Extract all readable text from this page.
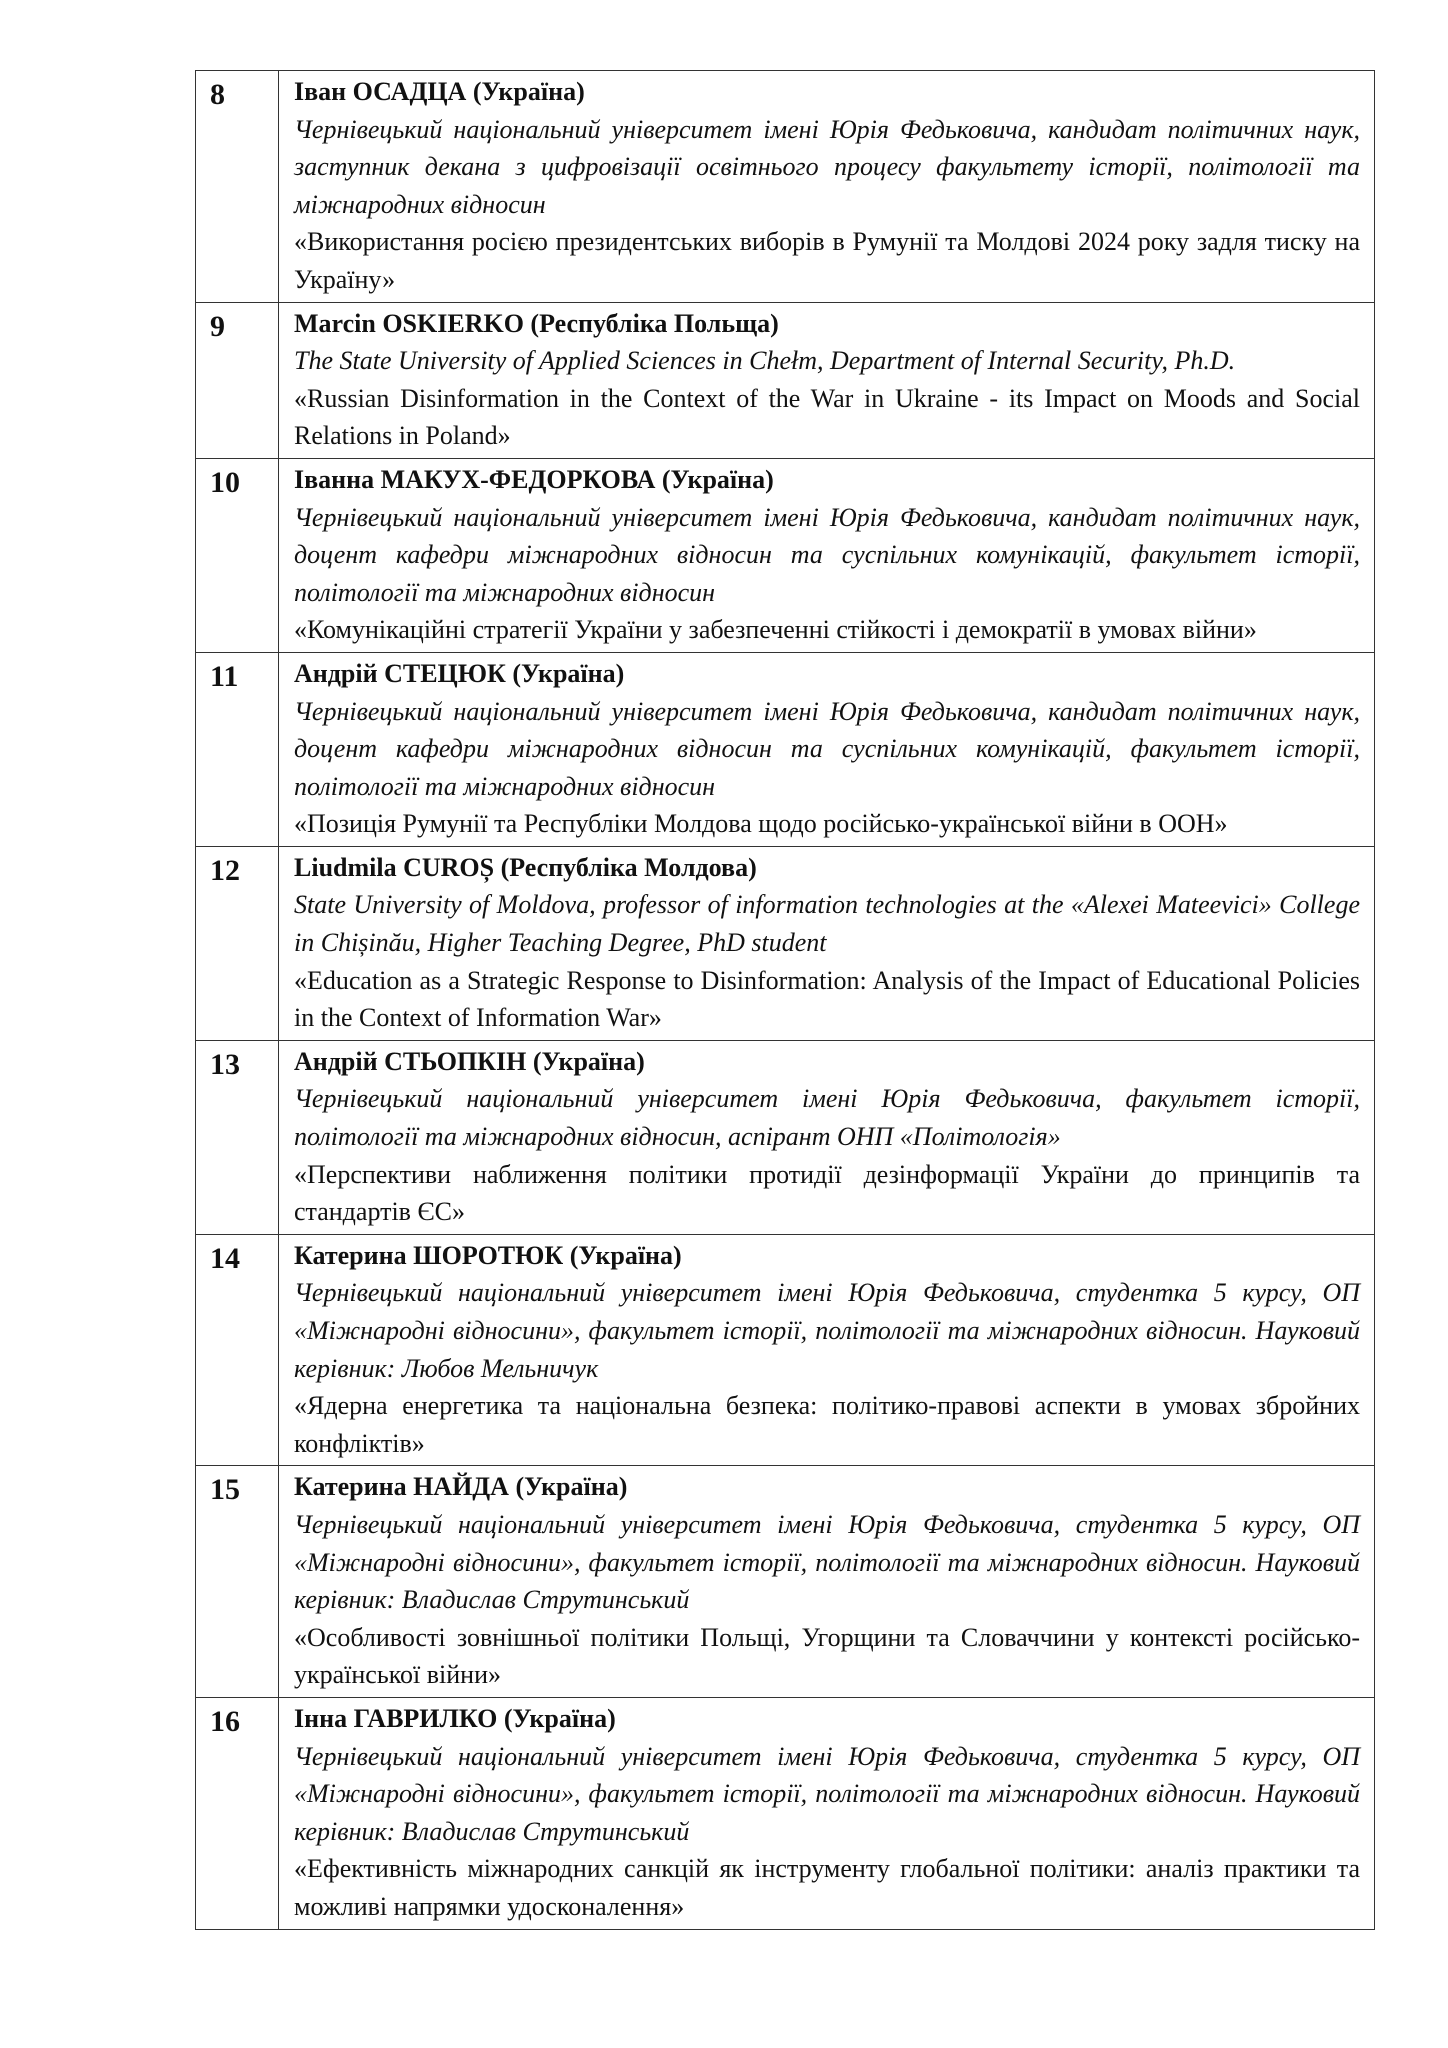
8	Іван ОСАДЦА (Україна)
Чернівецький національний університет імені Юрія Федьковича, кандидат політичних наук, заступник декана з цифровізації освітнього процесу факультету історії, політології та міжнародних відносин
«Використання росією президентських виборів в Румунії та Молдові 2024 року задля тиску на Україну»

9	Marcin OSKIERKO (Республіка Польща)
The State University of Applied Sciences in Chełm, Department of Internal Security, Ph.D.
«Russian Disinformation in the Context of the War in Ukraine - its Impact on Moods and Social Relations in Poland»

10	Іванна МАКУХ-ФЕДОРКОВА (Україна)
Чернівецький національний університет імені Юрія Федьковича, кандидат політичних наук, доцент кафедри міжнародних відносин та суспільних комунікацій, факультет історії, політології та міжнародних відносин
«Комунікаційні стратегії України у забезпеченні стійкості і демократії в умовах війни»

11	Андрій СТЕЦЮК (Україна)
Чернівецький національний університет імені Юрія Федьковича, кандидат політичних наук, доцент кафедри міжнародних відносин та суспільних комунікацій, факультет історії, політології та міжнародних відносин
«Позиція Румунії та Республіки Молдова щодо російсько-української війни в ООН»

12	Liudmila CUROȘ (Республіка Молдова)
State University of Moldova, professor of information technologies at the «Alexei Mateevici» College in Chișinău, Higher Teaching Degree, PhD student
«Education as a Strategic Response to Disinformation: Analysis of the Impact of Educational Policies in the Context of Information War»

13	Андрій СТЬОПКІН (Україна)
Чернівецький національний університет імені Юрія Федьковича, факультет історії, політології та міжнародних відносин, аспірант ОНП «Політологія»
«Перспективи наближення політики протидії дезінформації України до принципів та стандартів ЄС»

14	Катерина ШОРОТЮК (Україна)
Чернівецький національний університет імені Юрія Федьковича, студентка 5 курсу, ОП «Міжнародні відносини», факультет історії, політології та міжнародних відносин. Науковий керівник: Любов Мельничук
«Ядерна енергетика та національна безпека: політико-правові аспекти в умовах збройних конфліктів»

15	Катерина НАЙДА (Україна)
Чернівецький національний університет імені Юрія Федьковича, студентка 5 курсу, ОП «Міжнародні відносини», факультет історії, політології та міжнародних відносин. Науковий керівник: Владислав Струтинський
«Особливості зовнішньої політики Польщі, Угорщини та Словаччини у контексті російсько-української війни»

16	Інна ГАВРИЛКО (Україна)
Чернівецький національний університет імені Юрія Федьковича, студентка 5 курсу, ОП «Міжнародні відносини», факультет історії, політології та міжнародних відносин. Науковий керівник: Владислав Струтинський
«Ефективність міжнародних санкцій як інструменту глобальної політики: аналіз практики та можливі напрямки удосконалення»
